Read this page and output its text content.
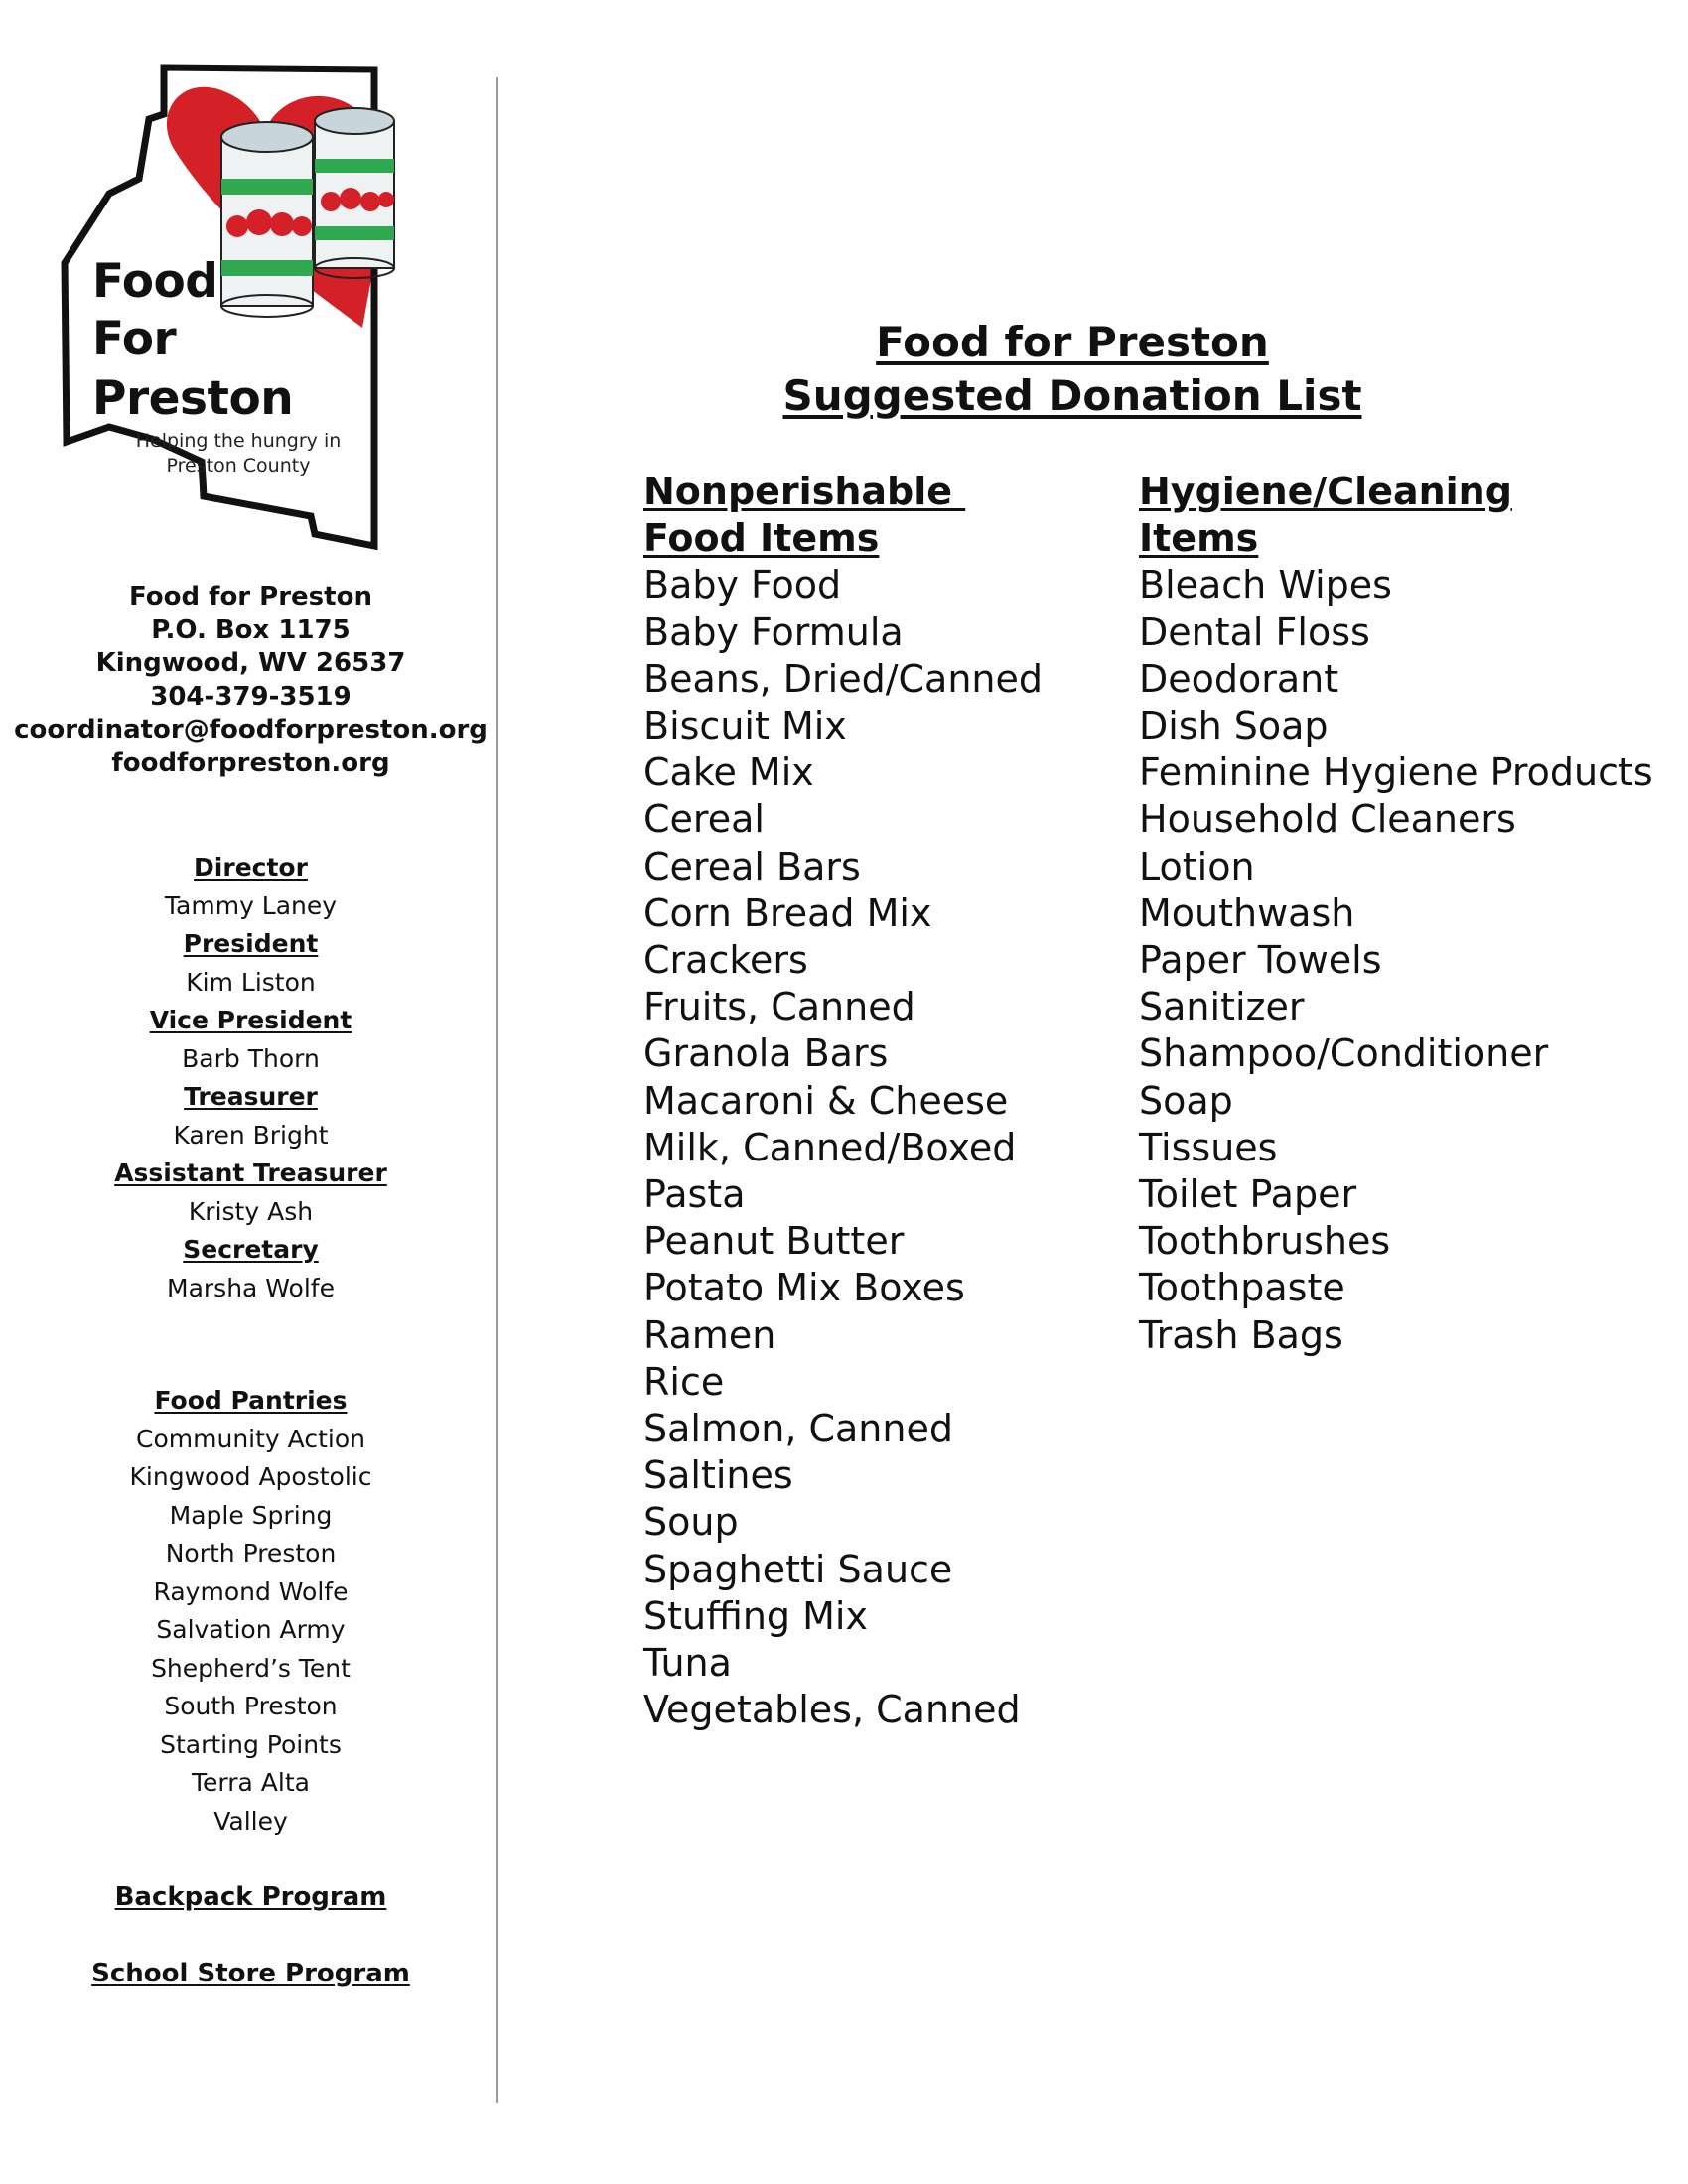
Food
For
Preston
Helping the hungry in
Preston County
Food for Preston
P.O. Box 1175
Kingwood, WV 26537
304-379-3519
coordinator@foodforpreston.org
foodforpreston.org
Director
Tammy Laney
President
Kim Liston
Vice President
Barb Thorn
Treasurer
Karen Bright
Assistant Treasurer
Kristy Ash
Secretary
Marsha Wolfe
Food Pantries
Community Action
Kingwood Apostolic
Maple Spring
North Preston
Raymond Wolfe
Salvation Army
Shepherd’s Tent
South Preston
Starting Points
Terra Alta
Valley
Backpack Program
School Store Program
Food for Preston
Suggested Donation List
Nonperishable
Food Items
Baby Food
Baby Formula
Beans, Dried/Canned
Biscuit Mix
Cake Mix
Cereal
Cereal Bars
Corn Bread Mix
Crackers
Fruits, Canned
Granola Bars
Macaroni & Cheese
Milk, Canned/Boxed
Pasta
Peanut Butter
Potato Mix Boxes
Ramen
Rice
Salmon, Canned
Saltines
Soup
Spaghetti Sauce
Stuffing Mix
Tuna
Vegetables, Canned
Hygiene/Cleaning
Items
Bleach Wipes
Dental Floss
Deodorant
Dish Soap
Feminine Hygiene Products
Household Cleaners
Lotion
Mouthwash
Paper Towels
Sanitizer
Shampoo/Conditioner
Soap
Tissues
Toilet Paper
Toothbrushes
Toothpaste
Trash Bags
